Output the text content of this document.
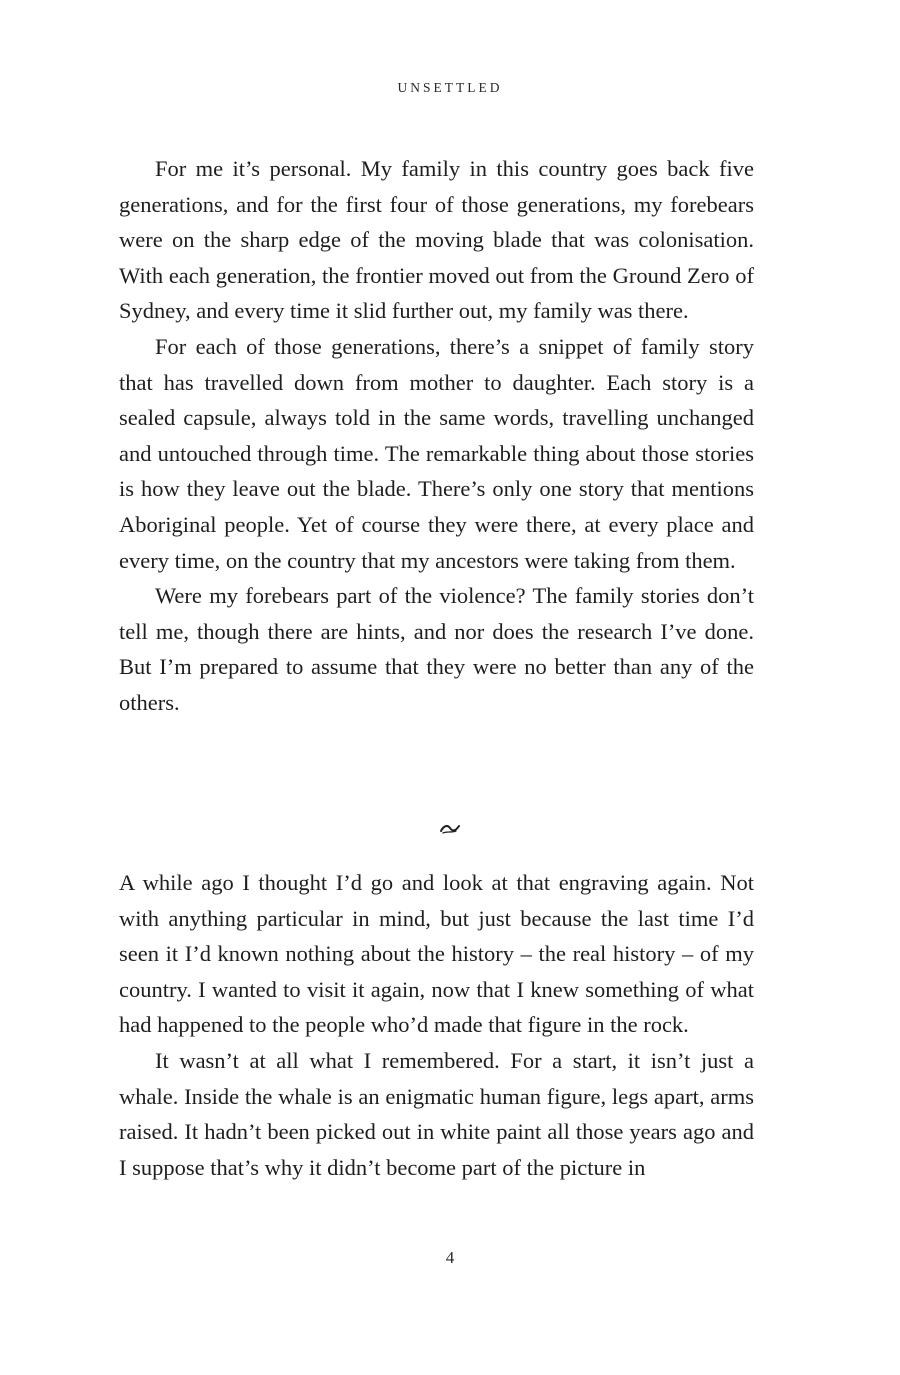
UNSETTLED

For me it’s personal. My family in this country goes back five generations, and for the first four of those generations, my forebears were on the sharp edge of the moving blade that was colonisation. With each generation, the frontier moved out from the Ground Zero of Sydney, and every time it slid further out, my family was there.

For each of those generations, there’s a snippet of family story that has travelled down from mother to daughter. Each story is a sealed capsule, always told in the same words, travelling unchanged and untouched through time. The remarkable thing about those stories is how they leave out the blade. There’s only one story that mentions Aboriginal people. Yet of course they were there, at every place and every time, on the country that my ancestors were taking from them.

Were my forebears part of the violence? The family stories don’t tell me, though there are hints, and nor does the research I’ve done. But I’m prepared to assume that they were no better than any of the others.

A while ago I thought I’d go and look at that engraving again. Not with anything particular in mind, but just because the last time I’d seen it I’d known nothing about the history – the real history – of my country. I wanted to visit it again, now that I knew something of what had happened to the people who’d made that figure in the rock.

It wasn’t at all what I remembered. For a start, it isn’t just a whale. Inside the whale is an enigmatic human figure, legs apart, arms raised. It hadn’t been picked out in white paint all those years ago and I suppose that’s why it didn’t become part of the picture in

4
